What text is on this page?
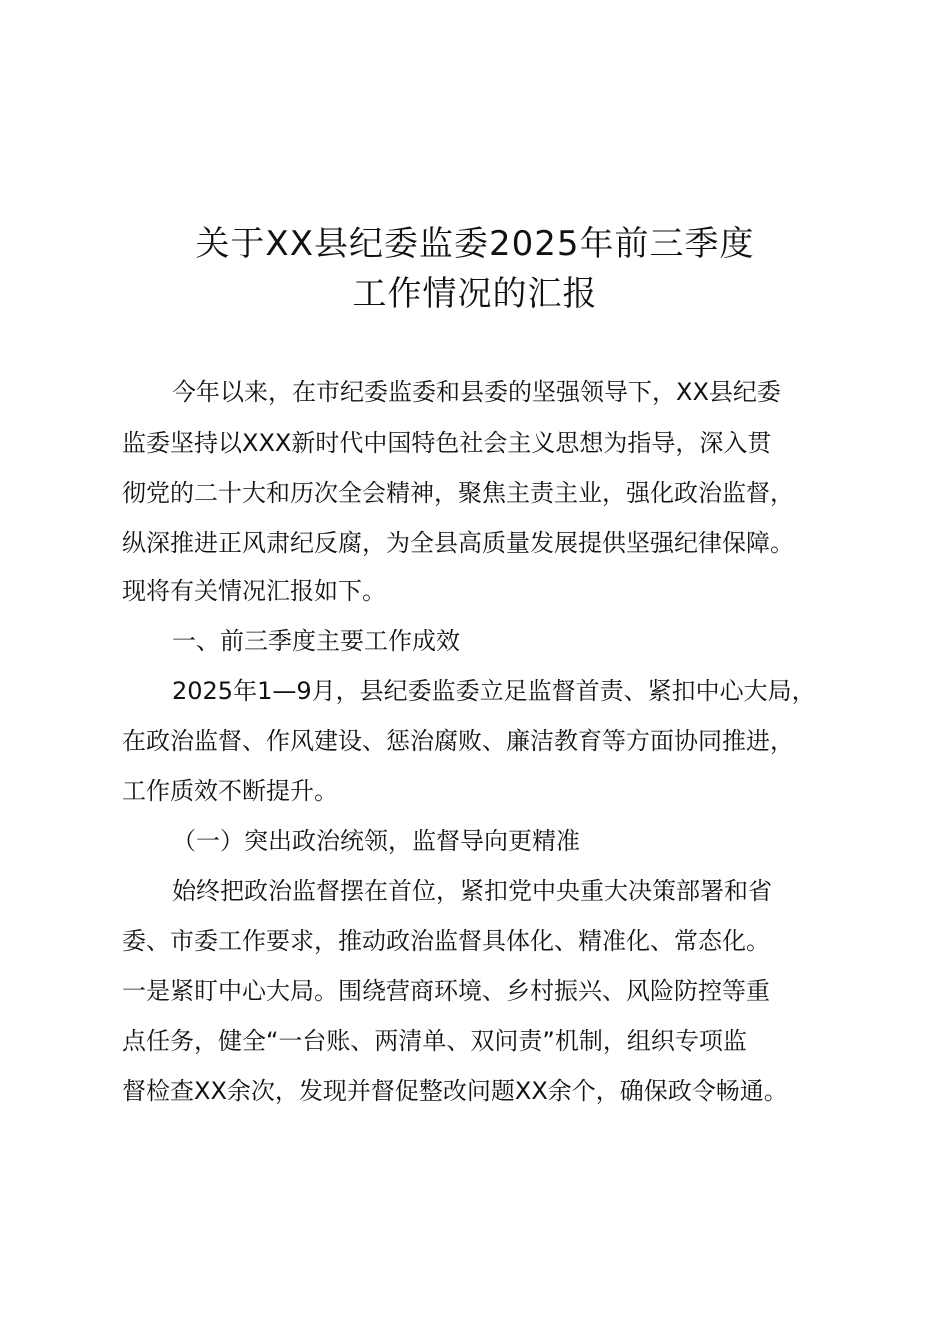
关于XX县纪委监委2025年前三季度
工作情况的汇报
今年以来，在市纪委监委和县委的坚强领导下，XX县纪委
监委坚持以XXX新时代中国特色社会主义思想为指导，深入贯
彻党的二十大和历次全会精神，聚焦主责主业，强化政治监督，
纵深推进正风肃纪反腐，为全县高质量发展提供坚强纪律保障。
现将有关情况汇报如下。
一、前三季度主要工作成效
2025年1—9月，县纪委监委立足监督首责、紧扣中心大局，
在政治监督、作风建设、惩治腐败、廉洁教育等方面协同推进，
工作质效不断提升。
（一）突出政治统领，监督导向更精准
始终把政治监督摆在首位，紧扣党中央重大决策部署和省
委、市委工作要求，推动政治监督具体化、精准化、常态化。
一是紧盯中心大局。围绕营商环境、乡村振兴、风险防控等重
点任务，健全“一台账、两清单、双问责”机制，组织专项监
督检查XX余次，发现并督促整改问题XX余个，确保政令畅通。
